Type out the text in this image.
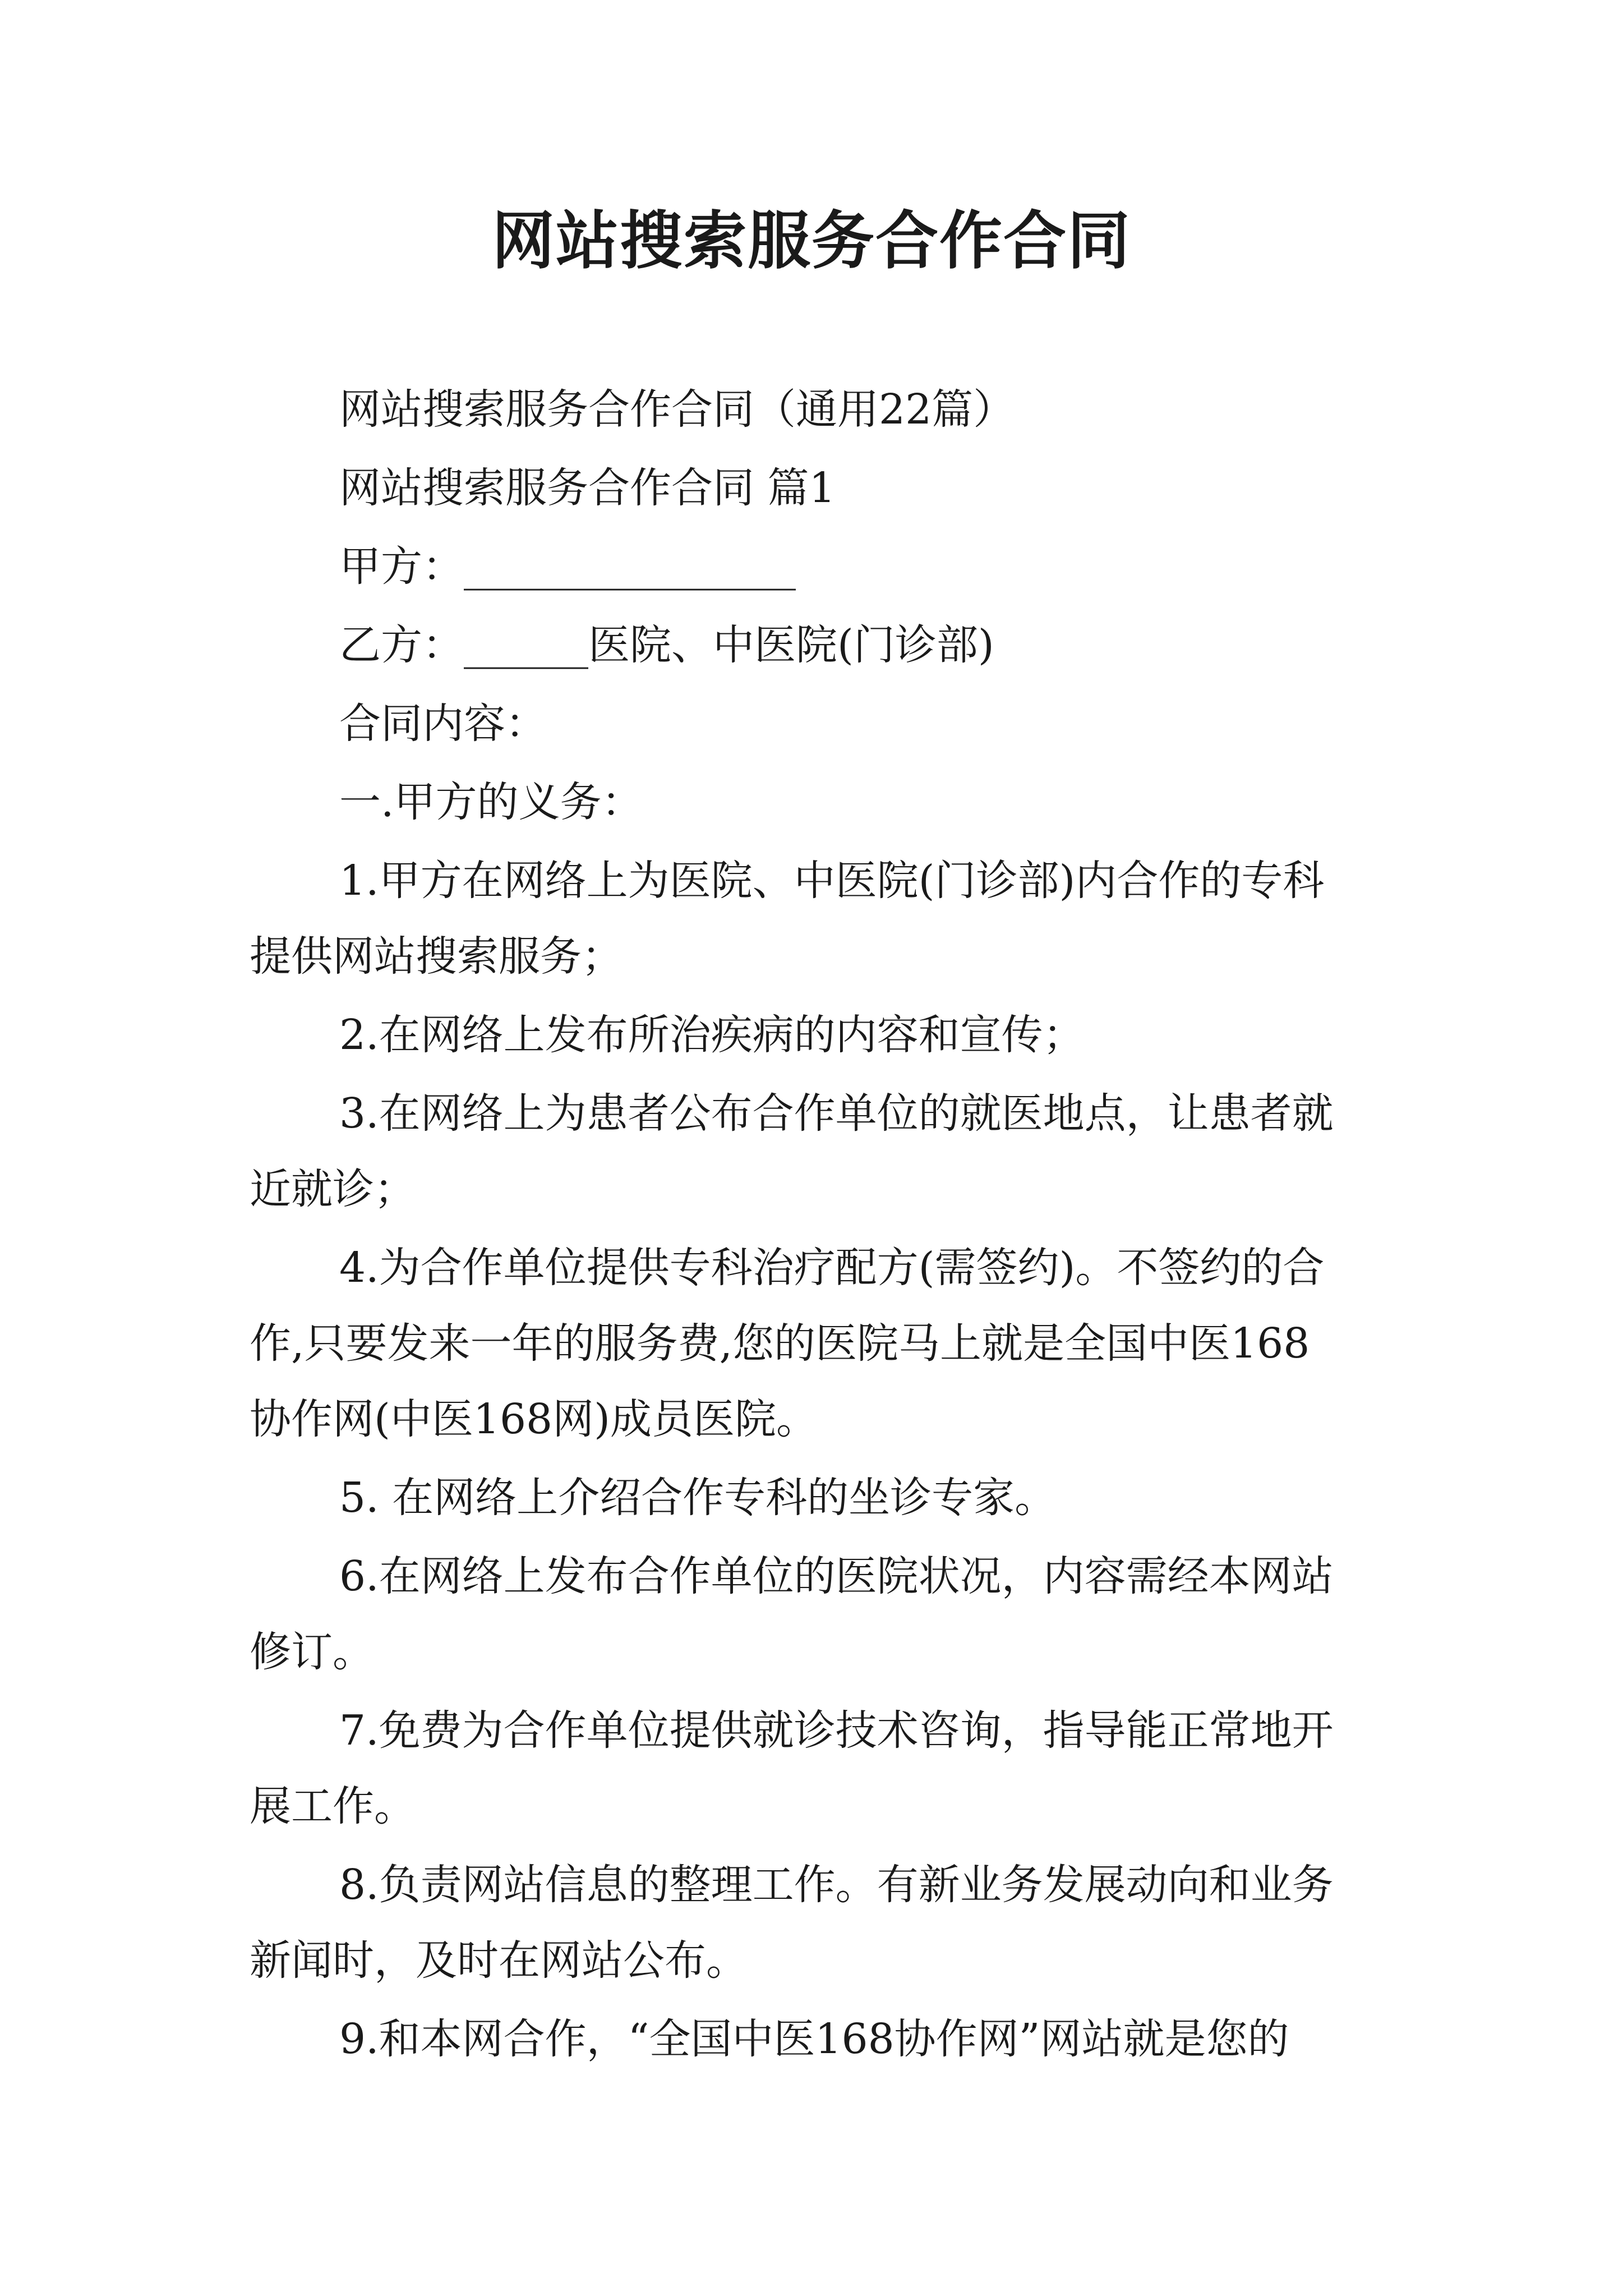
网站搜索服务合作合同
网站搜索服务合作合同（通用22篇）
网站搜索服务合作合同 篇1
甲方：________________
乙方：______医院、中医院(门诊部)
合同内容：
一.甲方的义务：
1.甲方在网络上为医院、中医院(门诊部)内合作的专科
提供网站搜索服务；
2.在网络上发布所治疾病的内容和宣传；
3.在网络上为患者公布合作单位的就医地点，让患者就
近就诊；
4.为合作单位提供专科治疗配方(需签约)。不签约的合
作,只要发来一年的服务费,您的医院马上就是全国中医168
协作网(中医168网)成员医院。
5. 在网络上介绍合作专科的坐诊专家。
6.在网络上发布合作单位的医院状况，内容需经本网站
修订。
7.免费为合作单位提供就诊技术咨询，指导能正常地开
展工作。
8.负责网站信息的整理工作。有新业务发展动向和业务
新闻时，及时在网站公布。
9.和本网合作，“全国中医168协作网”网站就是您的
